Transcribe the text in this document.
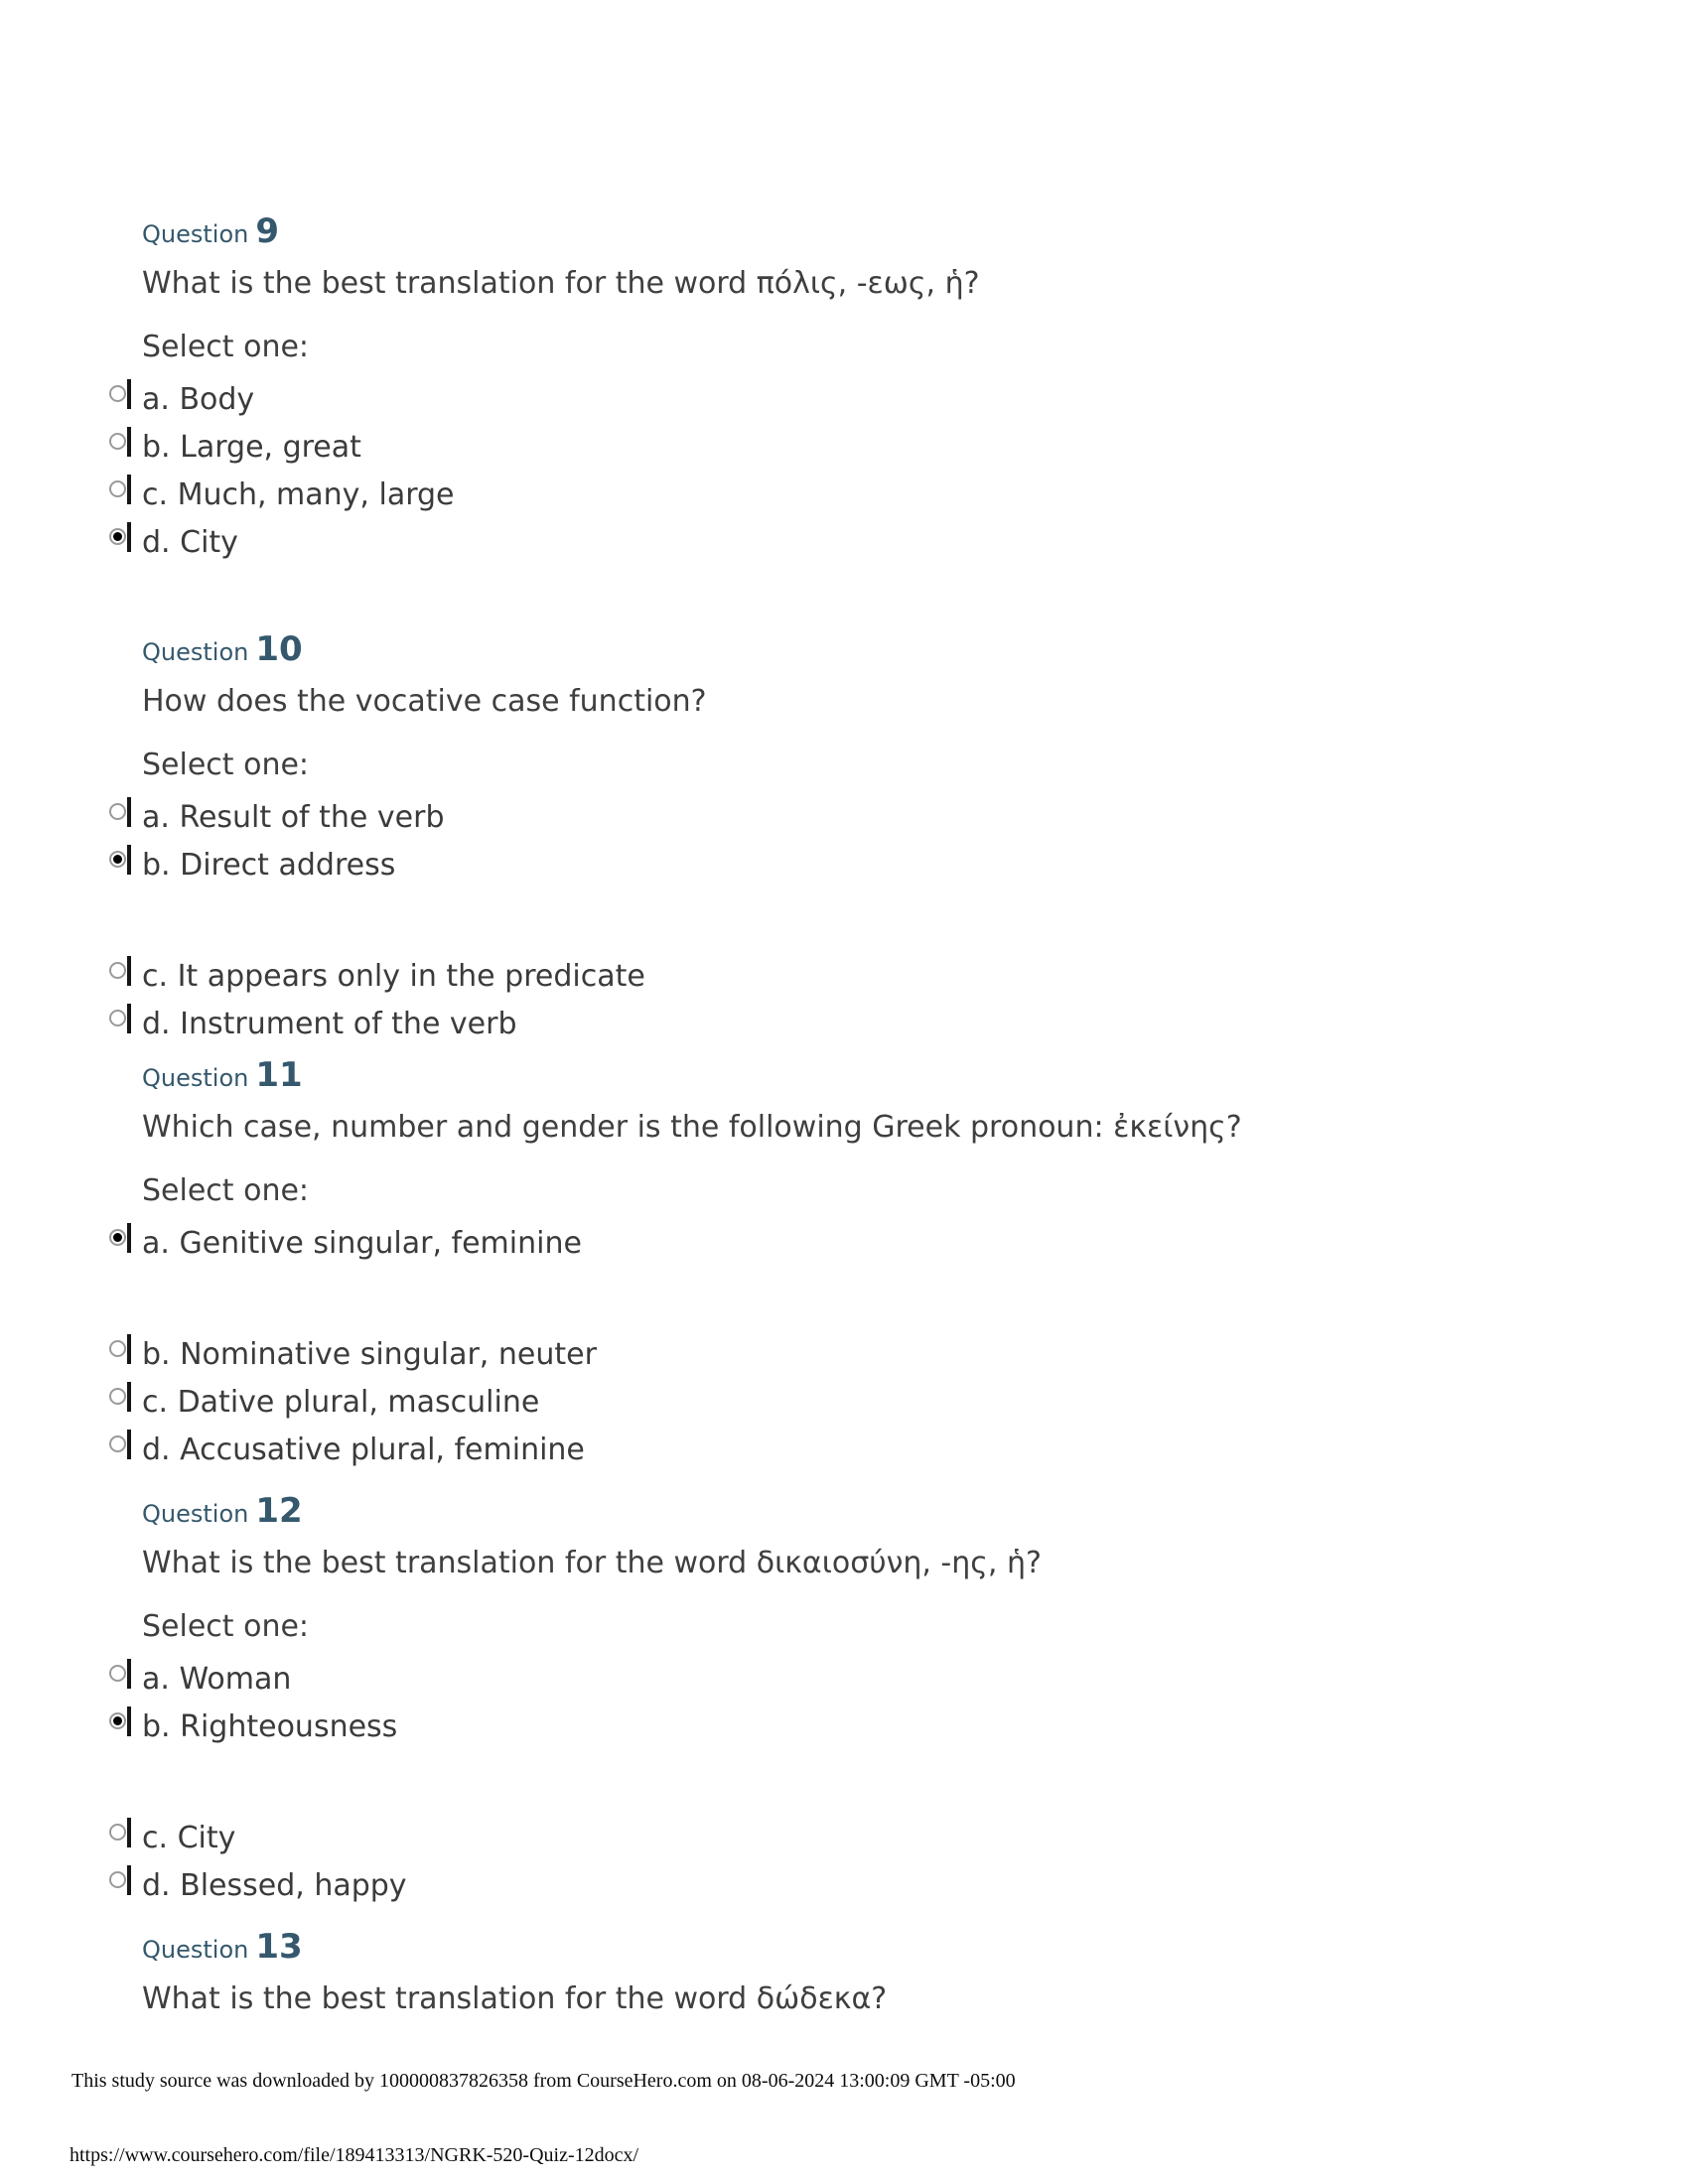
Question 9
What is the best translation for the word πόλις, -εως, ἡ?
Select one:
a. Body
b. Large, great
c. Much, many, large
d. City
Question 10
How does the vocative case function?
Select one:
a. Result of the verb
b. Direct address
c. It appears only in the predicate
d. Instrument of the verb
Question 11
Which case, number and gender is the following Greek pronoun: ἐκείνης?
Select one:
a. Genitive singular, feminine
b. Nominative singular, neuter
c. Dative plural, masculine
d. Accusative plural, feminine
Question 12
What is the best translation for the word δικαιοσύνη, -ης, ἡ?
Select one:
a. Woman
b. Righteousness
c. City
d. Blessed, happy
Question 13
What is the best translation for the word δώδεκα?
This study source was downloaded by 100000837826358 from CourseHero.com on 08-06-2024 13:00:09 GMT -05:00
https://www.coursehero.com/file/189413313/NGRK-520-Quiz-12docx/
